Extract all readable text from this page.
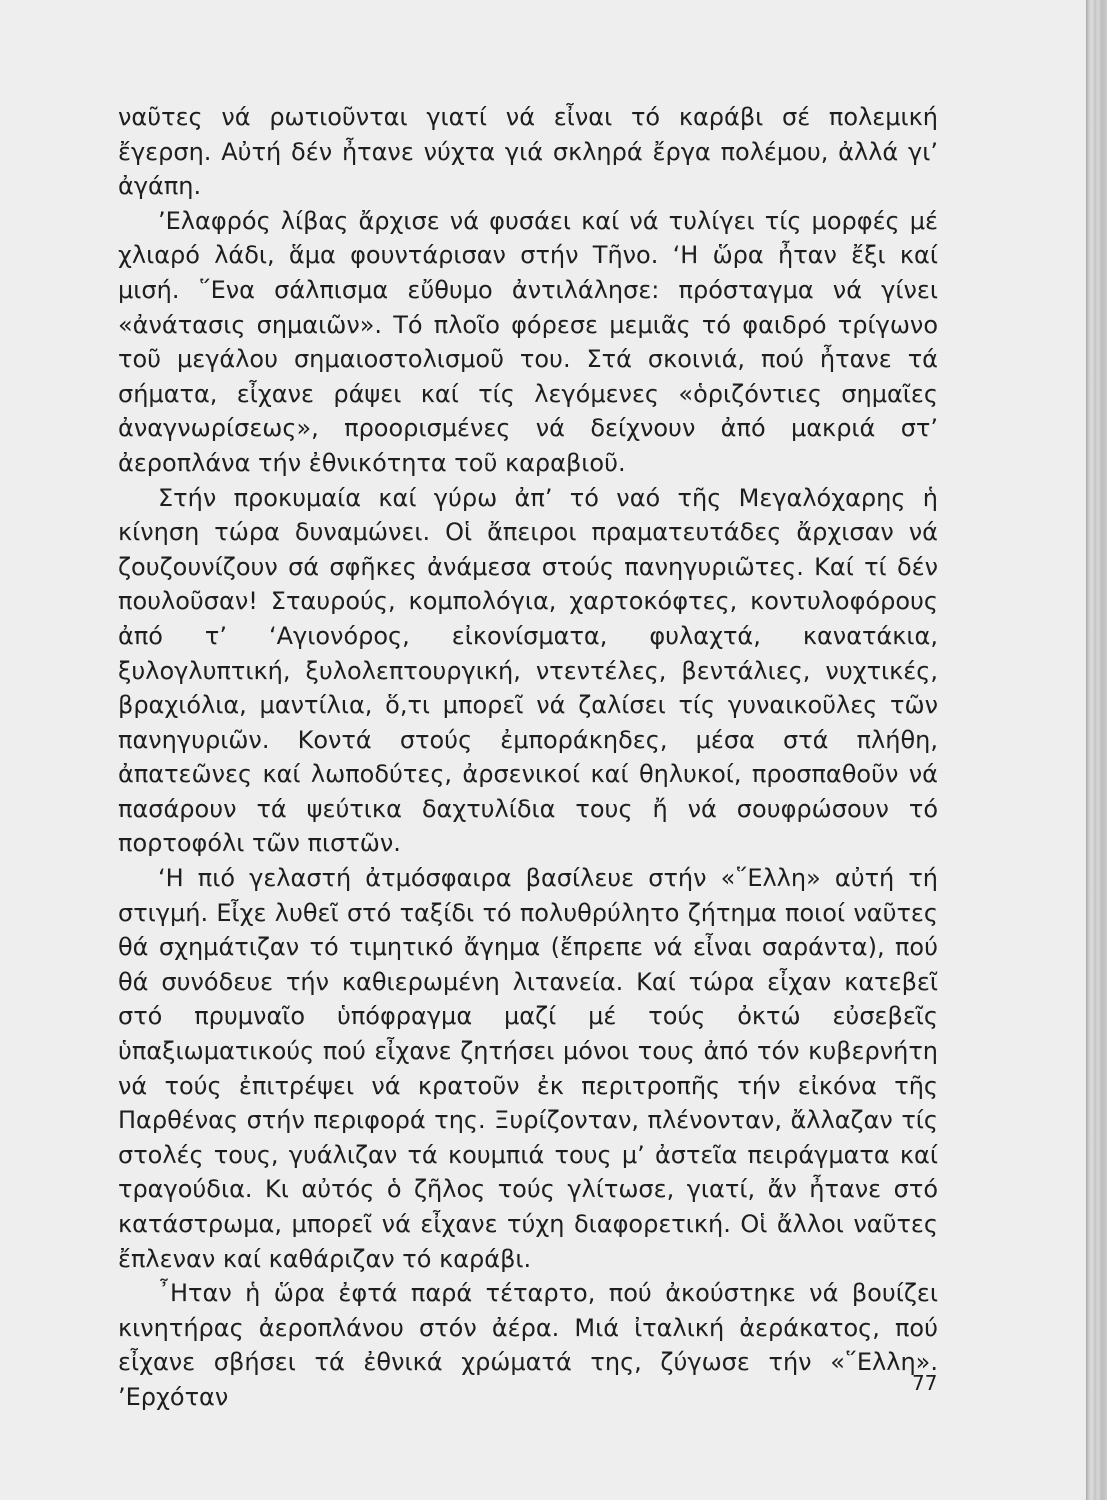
ναῦτες νά ρωτιοῦνται γιατί νά εἶναι τό καράβι σέ πολεμική ἔγερση. Αὐτή δέν ἦτανε νύχτα γιά σκληρά ἔργα πολέμου, ἀλλά γι’ ἀγάπη.

’Ελαφρός λίβας ἄρχισε νά φυσάει καί νά τυλίγει τίς μορφές μέ χλιαρό λάδι, ἅμα φουντάρισαν στήν Τῆνο. ‘Η ὥρα ἦταν ἔξι καί μισή. ῞Ενα σάλπισμα εὔθυμο ἀντιλάλησε: πρόσταγμα νά γίνει «ἀνάτασις σημαιῶν». Τό πλοῖο φόρεσε μεμιᾶς τό φαιδρό τρίγωνο τοῦ μεγάλου σημαιοστολισμοῦ του. Στά σκοινιά, πού ἦτανε τά σήματα, εἶχανε ράψει καί τίς λεγόμενες «ὁριζόντιες σημαῖες ἀναγνωρίσεως», προορισμένες νά δείχνουν ἀπό μακριά στ’ ἀεροπλάνα τήν ἐθνικότητα τοῦ καραβιοῦ.

Στήν προκυμαία καί γύρω ἀπ’ τό ναό τῆς Μεγαλόχαρης ἡ κίνηση τώρα δυναμώνει. Οἱ ἄπειροι πραματευτάδες ἄρχισαν νά ζουζουνίζουν σά σφῆκες ἀνάμεσα στούς πανηγυριῶτες. Καί τί δέν πουλοῦσαν! Σταυρούς, κομπολόγια, χαρτοκόφτες, κοντυλοφόρους ἀπό τ’ ‘Αγιονόρος, εἰκονίσματα, φυλαχτά, κανατάκια, ξυλογλυπτική, ξυλολεπτουργική, ντεντέλες, βεντάλιες, νυχτικές, βραχιόλια, μαντίλια, ὅ,τι μπορεῖ νά ζαλίσει τίς γυναικοῦλες τῶν πανηγυριῶν. Κοντά στούς ἐμποράκηδες, μέσα στά πλήθη, ἀπατεῶνες καί λωποδύτες, ἀρσενικοί καί θηλυκοί, προσπαθοῦν νά πασάρουν τά ψεύτικα δαχτυλίδια τους ἤ νά σουφρώσουν τό πορτοφόλι τῶν πιστῶν.

‘Η πιό γελαστή ἀτμόσφαιρα βασίλευε στήν «῞Ελλη» αὐτή τή στιγμή. Εἶχε λυθεῖ στό ταξίδι τό πολυθρύλητο ζήτημα ποιοί ναῦτες θά σχημάτιζαν τό τιμητικό ἄγημα (ἔπρεπε νά εἶναι σαράντα), πού θά συνόδευε τήν καθιερωμένη λιτανεία. Καί τώρα εἶχαν κατεβεῖ στό πρυμναῖο ὑπόφραγμα μαζί μέ τούς ὀκτώ εὐσεβεῖς ὑπαξιωματικούς πού εἶχανε ζητήσει μόνοι τους ἀπό τόν κυβερνήτη νά τούς ἐπιτρέψει νά κρατοῦν ἐκ περιτροπῆς τήν εἰκόνα τῆς Παρθένας στήν περιφορά της. Ξυρίζονταν, πλένονταν, ἄλλαζαν τίς στολές τους, γυάλιζαν τά κουμπιά τους μ’ ἀστεῖα πειράγματα καί τραγούδια. Κι αὐτός ὁ ζῆλος τούς γλίτωσε, γιατί, ἄν ἦτανε στό κατάστρωμα, μπορεῖ νά εἶχανε τύχη διαφορετική. Οἱ ἄλλοι ναῦτες ἔπλεναν καί καθάριζαν τό καράβι.

῏Ηταν ἡ ὥρα ἐφτά παρά τέταρτο, πού ἀκούστηκε νά βουίζει κινητήρας ἀεροπλάνου στόν ἀέρα. Μιά ἰταλική ἀεράκατος, πού εἶχανε σβήσει τά ἐθνικά χρώματά της, ζύγωσε τήν «῞Ελλη». ’Ερχόταν	77
